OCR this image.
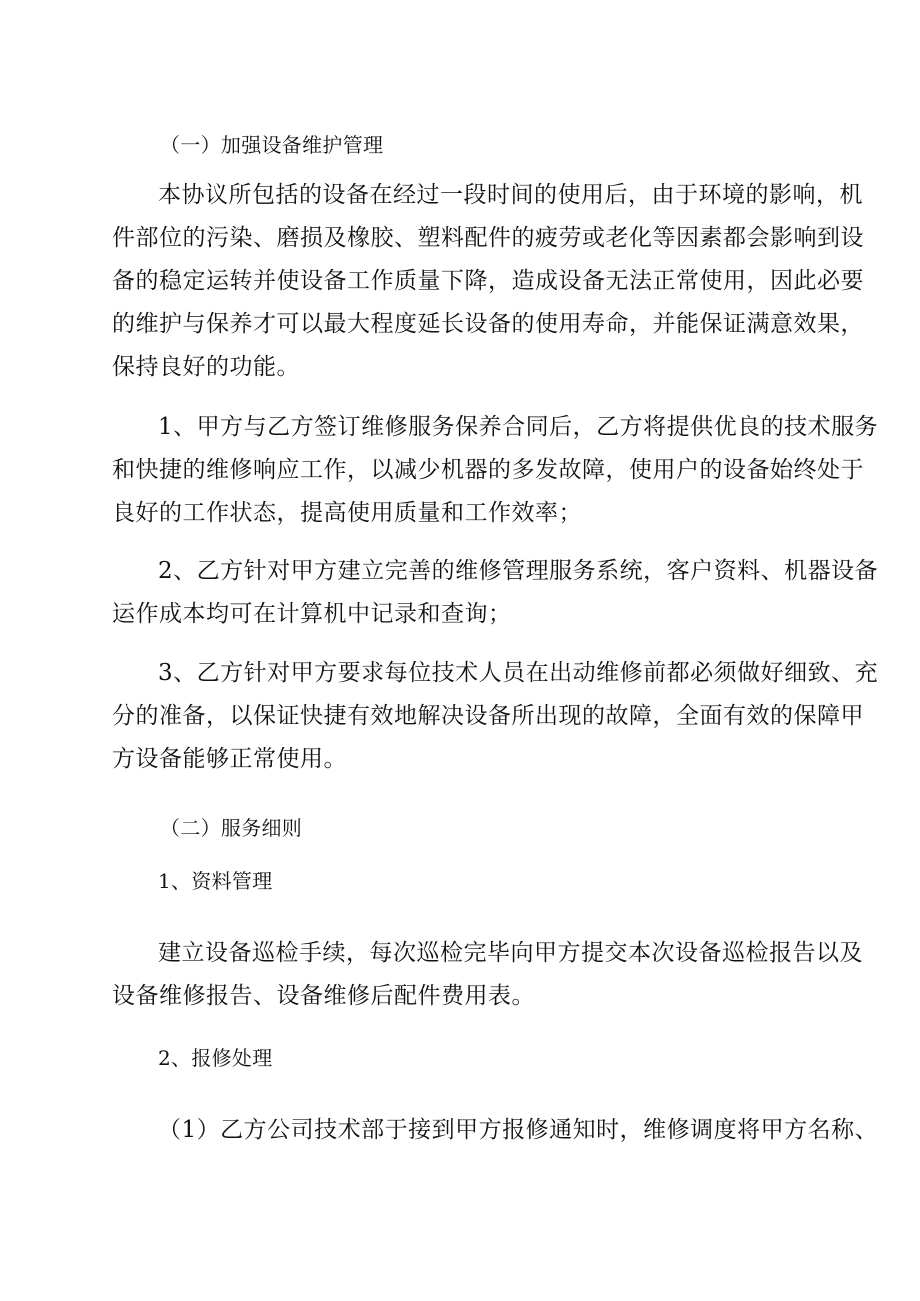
（一）加强设备维护管理
本协议所包括的设备在经过一段时间的使用后，由于环境的影响，机
件部位的污染、磨损及橡胶、塑料配件的疲劳或老化等因素都会影响到设
备的稳定运转并使设备工作质量下降，造成设备无法正常使用，因此必要
的维护与保养才可以最大程度延长设备的使用寿命，并能保证满意效果，
保持良好的功能。
1、甲方与乙方签订维修服务保养合同后，乙方将提供优良的技术服务
和快捷的维修响应工作，以减少机器的多发故障，使用户的设备始终处于
良好的工作状态，提高使用质量和工作效率；
2、乙方针对甲方建立完善的维修管理服务系统，客户资料、机器设备
运作成本均可在计算机中记录和查询；
3、乙方针对甲方要求每位技术人员在出动维修前都必须做好细致、充
分的准备，以保证快捷有效地解决设备所出现的故障，全面有效的保障甲
方设备能够正常使用。
（二）服务细则
1、资料管理
建立设备巡检手续，每次巡检完毕向甲方提交本次设备巡检报告以及
设备维修报告、设备维修后配件费用表。
2、报修处理
（1）乙方公司技术部于接到甲方报修通知时，维修调度将甲方名称、
